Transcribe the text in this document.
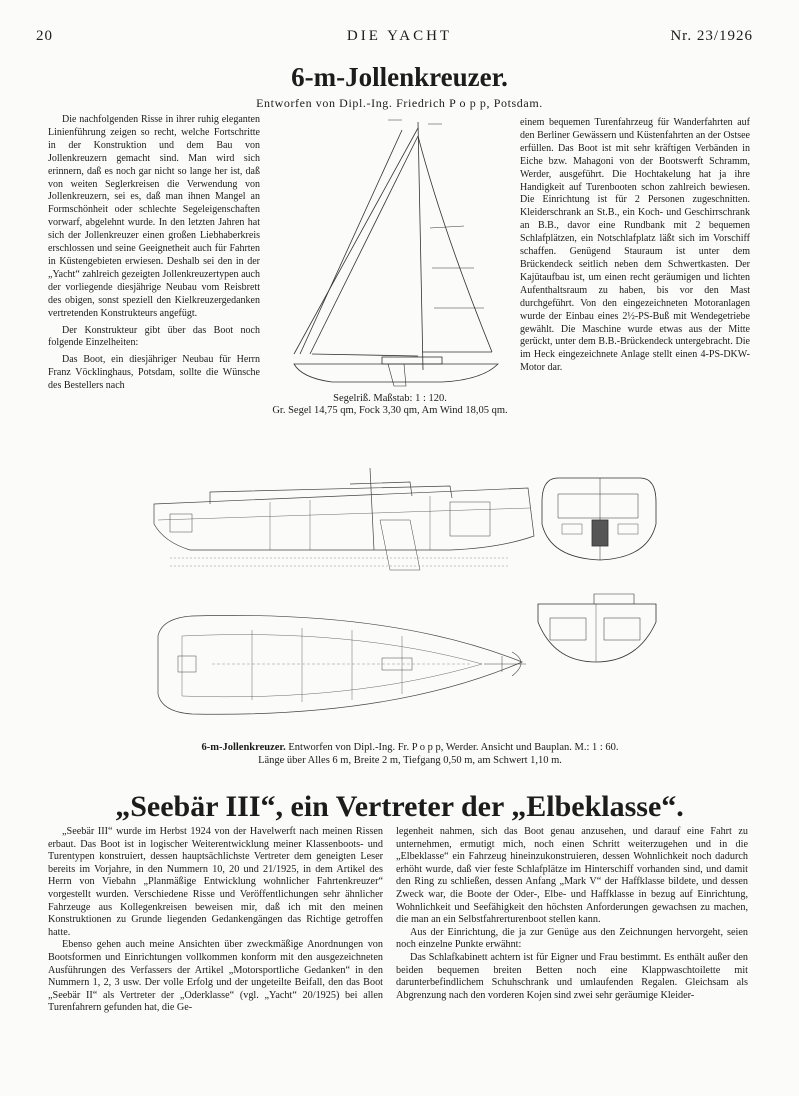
20	DIE YACHT	Nr. 23/1926
6-m-Jollenkreuzer.
Entworfen von Dipl.-Ing. Friedrich P o p p, Potsdam.

Die nachfolgenden Risse in ihrer ruhig eleganten Linienführung zeigen so recht, welche Fortschritte in der Konstruktion und dem Bau von Jollenkreuzern gemacht sind. Man wird sich erinnern, daß es noch gar nicht so lange her ist, daß von weiten Seglerkreisen die Verwendung von Jollenkreuzern, sei es, daß man ihnen Mangel an Formschönheit oder schlechte Segeleigenschaften vorwarf, abgelehnt wurde. In den letzten Jahren hat sich der Jollenkreuzer einen großen Liebhaberkreis erschlossen und seine Geeignetheit auch für Fahrten in Küstengebieten erwiesen. Deshalb sei den in der „Yacht“ zahlreich gezeigten Jollenkreuzertypen auch der vorliegende diesjährige Neubau vom Reisbrett des obigen, sonst speziell den Kielkreuzergedanken vertretenden Konstrukteurs angefügt.

Der Konstrukteur gibt über das Boot noch folgende Einzelheiten:

Das Boot, ein diesjähriger Neubau für Herrn Franz Vöcklinghaus, Potsdam, sollte die Wünsche des Bestellers nach

Segelriß. Maßstab: 1 : 120.
Gr. Segel 14,75 qm, Fock 3,30 qm, Am Wind 18,05 qm.

einem bequemen Turenfahrzeug für Wanderfahrten auf den Berliner Gewässern und Küstenfahrten an der Ostsee erfüllen. Das Boot ist mit sehr kräftigen Verbänden in Eiche bzw. Mahagoni von der Bootswerft Schramm, Werder, ausgeführt. Die Hochtakelung hat ja ihre Handigkeit auf Turenbooten schon zahlreich bewiesen. Die Einrichtung ist für 2 Personen zugeschnitten. Kleiderschrank an St.B., ein Koch- und Geschirrschrank an B.B., davor eine Rundbank mit 2 bequemen Schlafplätzen, ein Notschlafplatz läßt sich im Vorschiff schaffen. Genügend Stauraum ist unter dem Brückendeck seitlich neben dem Schwertkasten. Der Kajütaufbau ist, um einen recht geräumigen und lichten Aufenthaltsraum zu haben, bis vor den Mast durchgeführt. Von den eingezeichneten Motoranlagen wurde der Einbau eines 2½-PS-Buß mit Wendegetriebe gewählt. Die Maschine wurde etwas aus der Mitte gerückt, unter dem B.B.-Brückendeck untergebracht. Die im Heck eingezeichnete Anlage stellt einen 4-PS-DKW-Motor dar.

6-m-Jollenkreuzer. Entworfen von Dipl.-Ing. Fr. P o p p, Werder. Ansicht und Bauplan. M.: 1 : 60.
Länge über Alles 6 m, Breite 2 m, Tiefgang 0,50 m, am Schwert 1,10 m.
„Seebär III“, ein Vertreter der „Elbeklasse“.

„Seebär III“ wurde im Herbst 1924 von der Havelwerft nach meinen Rissen erbaut. Das Boot ist in logischer Weiterentwicklung meiner Klassenboots- und Turentypen konstruiert, dessen hauptsächlichste Vertreter dem geneigten Leser bereits im Vorjahre, in den Nummern 10, 20 und 21/1925, in dem Artikel des Herrn von Viebahn „Planmäßige Entwicklung wohnlicher Fahrtenkreuzer“ vorgestellt wurden. Verschiedene Risse und Veröffentlichungen sehr ähnlicher Fahrzeuge aus Kollegenkreisen beweisen mir, daß ich mit den meinen Konstruktionen zu Grunde liegenden Gedankengängen das Richtige getroffen hatte.

Ebenso gehen auch meine Ansichten über zweckmäßige Anordnungen von Bootsformen und Einrichtungen vollkommen konform mit den ausgezeichneten Ausführungen des Verfassers der Artikel „Motorsportliche Gedanken“ in den Nummern 1, 2, 3 usw. Der volle Erfolg und der ungeteilte Beifall, den das Boot „Seebär II“ als Vertreter der „Oderklasse“ (vgl. „Yacht“ 20/1925) bei allen Turenfahrern gefunden hat, die Ge-

legenheit nahmen, sich das Boot genau anzusehen, und darauf eine Fahrt zu unternehmen, ermutigt mich, noch einen Schritt weiterzugehen und in die „Elbeklasse“ ein Fahrzeug hineinzukonstruieren, dessen Wohnlichkeit noch dadurch erhöht wurde, daß vier feste Schlafplätze im Hinterschiff vorhanden sind, und damit den Ring zu schließen, dessen Anfang „Mark V“ der Haffklasse bildete, und dessen Zweck war, die Boote der Oder-, Elbe- und Haffklasse in bezug auf Einrichtung, Wohnlichkeit und Seefähigkeit den höchsten Anforderungen gewachsen zu machen, die man an ein Selbstfahrerturenboot stellen kann.

Aus der Einrichtung, die ja zur Genüge aus den Zeichnungen hervorgeht, seien noch einzelne Punkte erwähnt:

Das Schlafkabinett achtern ist für Eigner und Frau bestimmt. Es enthält außer den beiden bequemen breiten Betten noch eine Klappwaschtoilette mit darunterbefindlichem Schuhschrank und umlaufenden Regalen. Gleichsam als Abgrenzung nach den vorderen Kojen sind zwei sehr geräumige Kleider-
